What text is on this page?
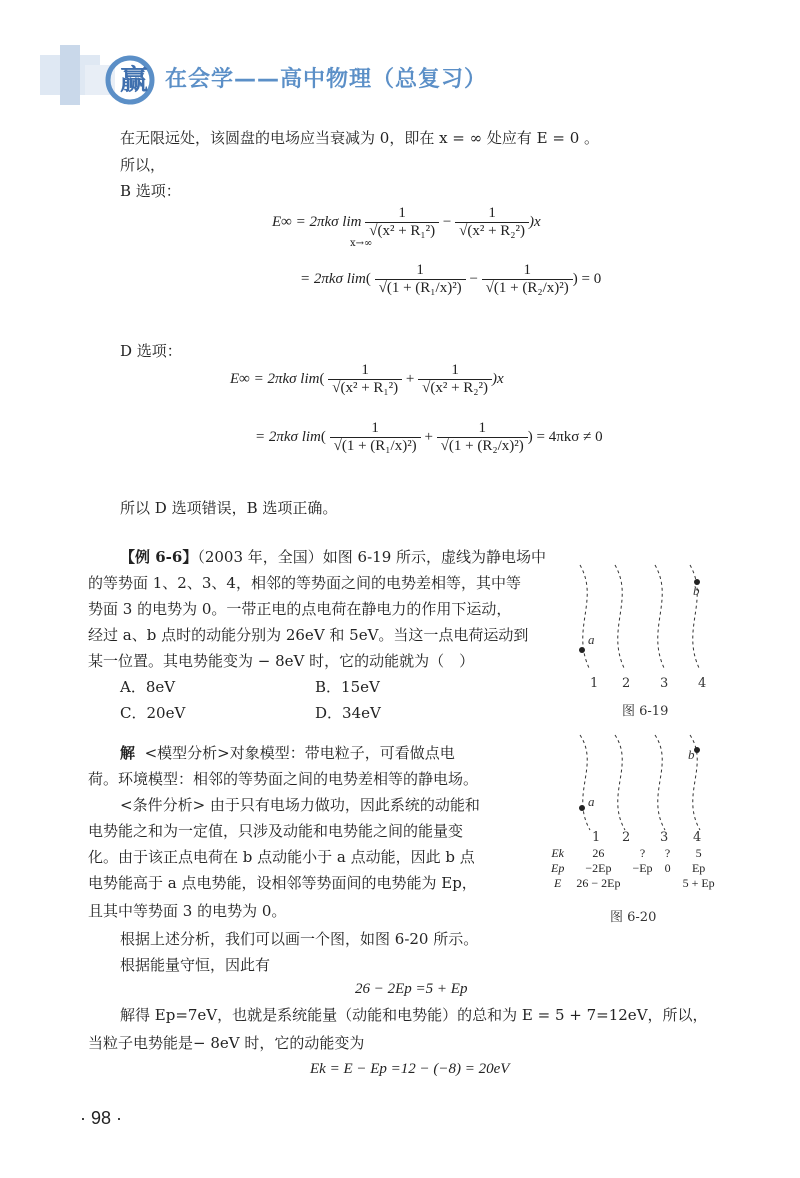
赢 在会学——高中物理（总复习）
在无限远处，该圆盘的电场应当衰减为 0，即在 x = ∞ 处应有 E = 0 。
所以，
B 选项：
E∞ = 2πkσ $\lim \frac{1}{\text{√(x² + R₁²)}} - \frac{1}{\text{√(x² + R₂²)}} )x$
x→∞
= 2πkσ $\lim( \frac{1}{\text{√(1 + (R₁/x)²)}} - \frac{1}{\text{√(1 + (R₂/x)²)}}$ ) = 0
D 选项：
E∞ = 2πkσ $\lim( \frac{1}{\text{√(x² + R₁²)}} + \frac{1}{\text{√(x² + R₂²)}} )x$
= 2πkσ $\lim( \frac{1}{\text{√(1 + (R₁/x)²)}} + \frac{1}{\text{√(1 + (R₂/x)²)}}$ ) = 4πkσ ≠ 0
所以 D 选项错误，B 选项正确。
【例 6-6】（2003 年，全国）如图 6-19 所示，虚线为静电场中
的等势面 1、2、3、4，相邻的等势面之间的电势差相等，其中等
势面 3 的电势为 0。一带正电的点电荷在静电力的作用下运动，
经过 a、b 点时的动能分别为 26eV 和 5eV。当这一点电荷运动到
某一位置。其电势能变为 − 8eV 时，它的动能就为（　）
A．8eV	B．15eV
C．20eV	D．34eV
a
b
1 2 3 4
图 6-19
解 <模型分析>对象模型：带电粒子，可看做点电
荷。环境模型：相邻的等势面之间的电势差相等的静电场。
<条件分析> 由于只有电场力做功，因此系统的动能和
电势能之和为一定值，只涉及动能和电势能之间的能量变
化。由于该正点电荷在 b 点动能小于 a 点动能，因此 b 点
电势能高于 a 点电势能，设相邻等势面间的电势能为 Ep，
且其中等势面 3 的电势为 0。
根据上述分析，我们可以画一个图，如图 6-20 所示。
根据能量守恒，因此有
26 − 2Ep =5 + Ep
解得 Ep=7eV，也就是系统能量（动能和电势能）的总和为 E = 5 + 7=12eV，所以，
当粒子电势能是− 8eV 时，它的动能变为
Ek = E − Ep =12 − (−8) = 20eV
a
b
1 2 3 4
Ek	26	?	?	5
Ep	−2Ep	−Ep	0	Ep
E	26 − 2Ep			5 + Ep
图 6-20
· 98 ·
